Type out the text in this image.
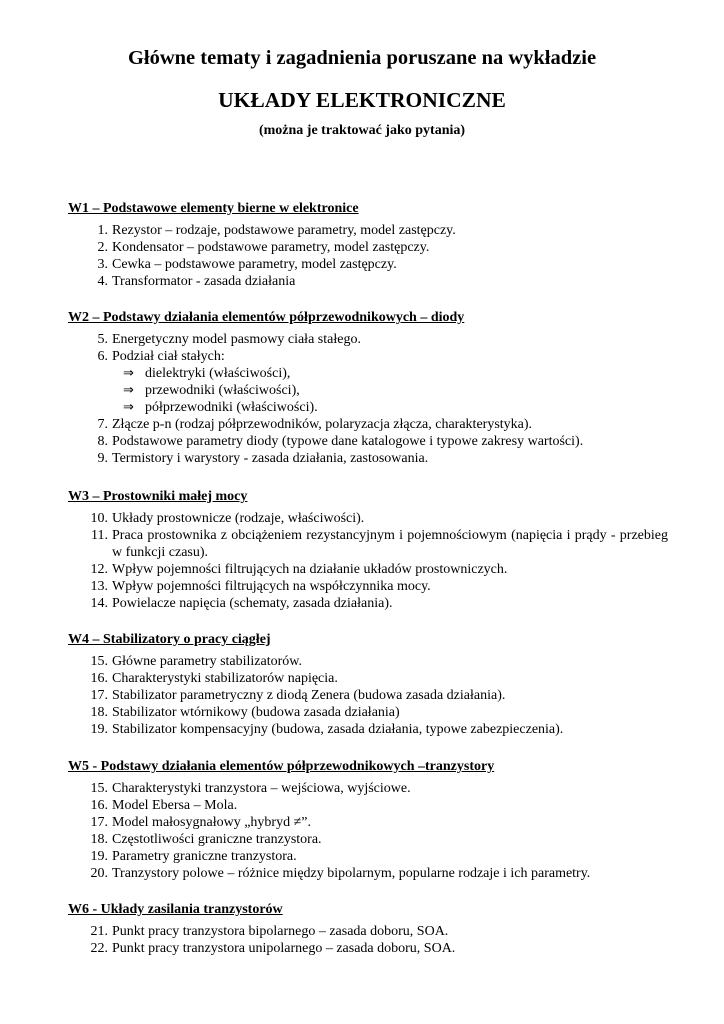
Główne tematy i zagadnienia poruszane na wykładzie
UKŁADY ELEKTRONICZNE
(można je traktować jako pytania)
W1 – Podstawowe elementy bierne w elektronice
1. Rezystor – rodzaje, podstawowe parametry, model zastępczy.
2. Kondensator – podstawowe parametry, model zastępczy.
3. Cewka – podstawowe parametry, model zastępczy.
4. Transformator - zasada działania
W2 – Podstawy działania elementów półprzewodnikowych – diody
5. Energetyczny model pasmowy ciała stałego.
6. Podział ciał stałych:
⇒ dielektryki (właściwości),
⇒ przewodniki (właściwości),
⇒ półprzewodniki (właściwości).
7. Złącze p-n (rodzaj półprzewodników, polaryzacja złącza, charakterystyka).
8. Podstawowe parametry diody (typowe dane katalogowe i typowe zakresy wartości).
9. Termistory i warystory - zasada działania, zastosowania.
W3 – Prostowniki małej mocy
10. Układy prostownicze (rodzaje, właściwości).
11. Praca prostownika z obciążeniem rezystancyjnym i pojemnościowym (napięcia i prądy - przebieg w funkcji czasu).
12. Wpływ pojemności filtrujących na działanie układów prostowniczych.
13. Wpływ pojemności filtrujących na współczynnika mocy.
14. Powielacze napięcia (schematy, zasada działania).
W4 – Stabilizatory o pracy ciągłej
15. Główne parametry stabilizatorów.
16. Charakterystyki stabilizatorów napięcia.
17. Stabilizator parametryczny z diodą Zenera (budowa zasada działania).
18. Stabilizator wtórnikowy (budowa zasada działania)
19. Stabilizator kompensacyjny (budowa, zasada działania, typowe zabezpieczenia).
W5 - Podstawy działania elementów półprzewodnikowych –tranzystory
15. Charakterystyki tranzystora – wejściowa, wyjściowe.
16. Model Ebersa – Mola.
17. Model małosygnałowy „hybryd ≠”.
18. Częstotliwości graniczne tranzystora.
19. Parametry graniczne tranzystora.
20. Tranzystory polowe – różnice między bipolarnym, popularne rodzaje i ich parametry.
W6 - Układy zasilania tranzystorów
21. Punkt pracy tranzystora bipolarnego – zasada doboru, SOA.
22. Punkt pracy tranzystora unipolarnego – zasada doboru, SOA.
